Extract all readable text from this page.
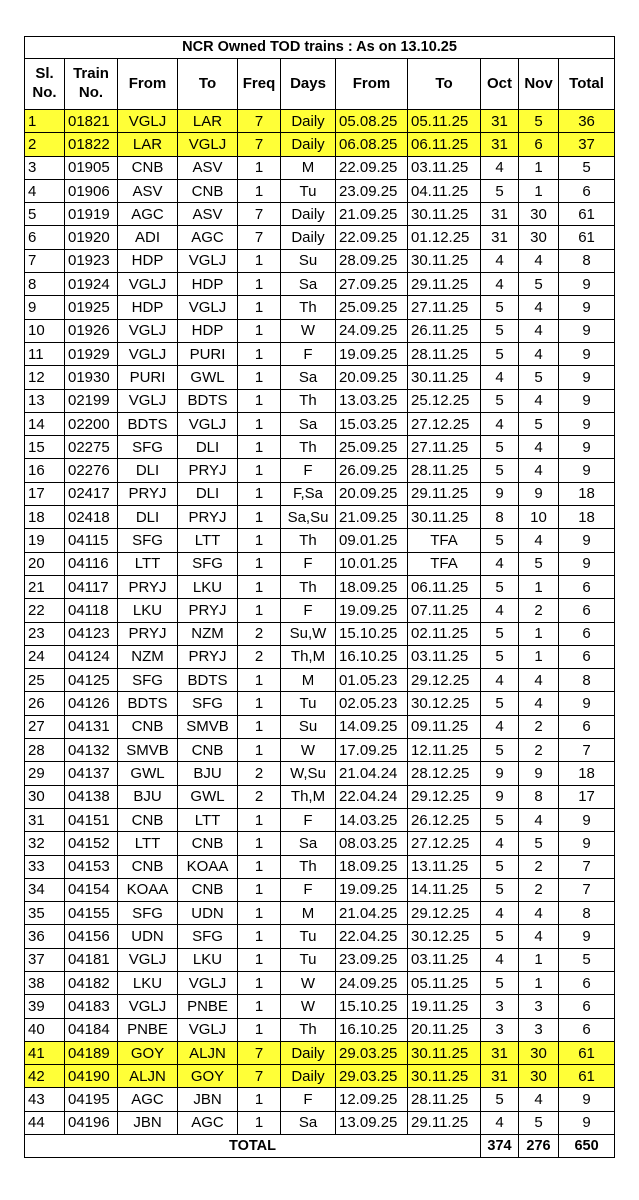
NCR Owned TOD trains : As on 13.10.25										
Sl. No.	Train No.	From	To	Freq	Days	From	To	Oct	Nov	Total
1	01821	VGLJ	LAR	7	Daily	05.08.25	05.11.25	31	5	36
2	01822	LAR	VGLJ	7	Daily	06.08.25	06.11.25	31	6	37
3	01905	CNB	ASV	1	M	22.09.25	03.11.25	4	1	5
4	01906	ASV	CNB	1	Tu	23.09.25	04.11.25	5	1	6
5	01919	AGC	ASV	7	Daily	21.09.25	30.11.25	31	30	61
6	01920	ADI	AGC	7	Daily	22.09.25	01.12.25	31	30	61
7	01923	HDP	VGLJ	1	Su	28.09.25	30.11.25	4	4	8
8	01924	VGLJ	HDP	1	Sa	27.09.25	29.11.25	4	5	9
9	01925	HDP	VGLJ	1	Th	25.09.25	27.11.25	5	4	9
10	01926	VGLJ	HDP	1	W	24.09.25	26.11.25	5	4	9
11	01929	VGLJ	PURI	1	F	19.09.25	28.11.25	5	4	9
12	01930	PURI	GWL	1	Sa	20.09.25	30.11.25	4	5	9
13	02199	VGLJ	BDTS	1	Th	13.03.25	25.12.25	5	4	9
14	02200	BDTS	VGLJ	1	Sa	15.03.25	27.12.25	4	5	9
15	02275	SFG	DLI	1	Th	25.09.25	27.11.25	5	4	9
16	02276	DLI	PRYJ	1	F	26.09.25	28.11.25	5	4	9
17	02417	PRYJ	DLI	1	F,Sa	20.09.25	29.11.25	9	9	18
18	02418	DLI	PRYJ	1	Sa,Su	21.09.25	30.11.25	8	10	18
19	04115	SFG	LTT	1	Th	09.01.25	TFA	5	4	9
20	04116	LTT	SFG	1	F	10.01.25	TFA	4	5	9
21	04117	PRYJ	LKU	1	Th	18.09.25	06.11.25	5	1	6
22	04118	LKU	PRYJ	1	F	19.09.25	07.11.25	4	2	6
23	04123	PRYJ	NZM	2	Su,W	15.10.25	02.11.25	5	1	6
24	04124	NZM	PRYJ	2	Th,M	16.10.25	03.11.25	5	1	6
25	04125	SFG	BDTS	1	M	01.05.23	29.12.25	4	4	8
26	04126	BDTS	SFG	1	Tu	02.05.23	30.12.25	5	4	9
27	04131	CNB	SMVB	1	Su	14.09.25	09.11.25	4	2	6
28	04132	SMVB	CNB	1	W	17.09.25	12.11.25	5	2	7
29	04137	GWL	BJU	2	W,Su	21.04.24	28.12.25	9	9	18
30	04138	BJU	GWL	2	Th,M	22.04.24	29.12.25	9	8	17
31	04151	CNB	LTT	1	F	14.03.25	26.12.25	5	4	9
32	04152	LTT	CNB	1	Sa	08.03.25	27.12.25	4	5	9
33	04153	CNB	KOAA	1	Th	18.09.25	13.11.25	5	2	7
34	04154	KOAA	CNB	1	F	19.09.25	14.11.25	5	2	7
35	04155	SFG	UDN	1	M	21.04.25	29.12.25	4	4	8
36	04156	UDN	SFG	1	Tu	22.04.25	30.12.25	5	4	9
37	04181	VGLJ	LKU	1	Tu	23.09.25	03.11.25	4	1	5
38	04182	LKU	VGLJ	1	W	24.09.25	05.11.25	5	1	6
39	04183	VGLJ	PNBE	1	W	15.10.25	19.11.25	3	3	6
40	04184	PNBE	VGLJ	1	Th	16.10.25	20.11.25	3	3	6
41	04189	GOY	ALJN	7	Daily	29.03.25	30.11.25	31	30	61
42	04190	ALJN	GOY	7	Daily	29.03.25	30.11.25	31	30	61
43	04195	AGC	JBN	1	F	12.09.25	28.11.25	5	4	9
44	04196	JBN	AGC	1	Sa	13.09.25	29.11.25	4	5	9
TOTAL								374	276	650
